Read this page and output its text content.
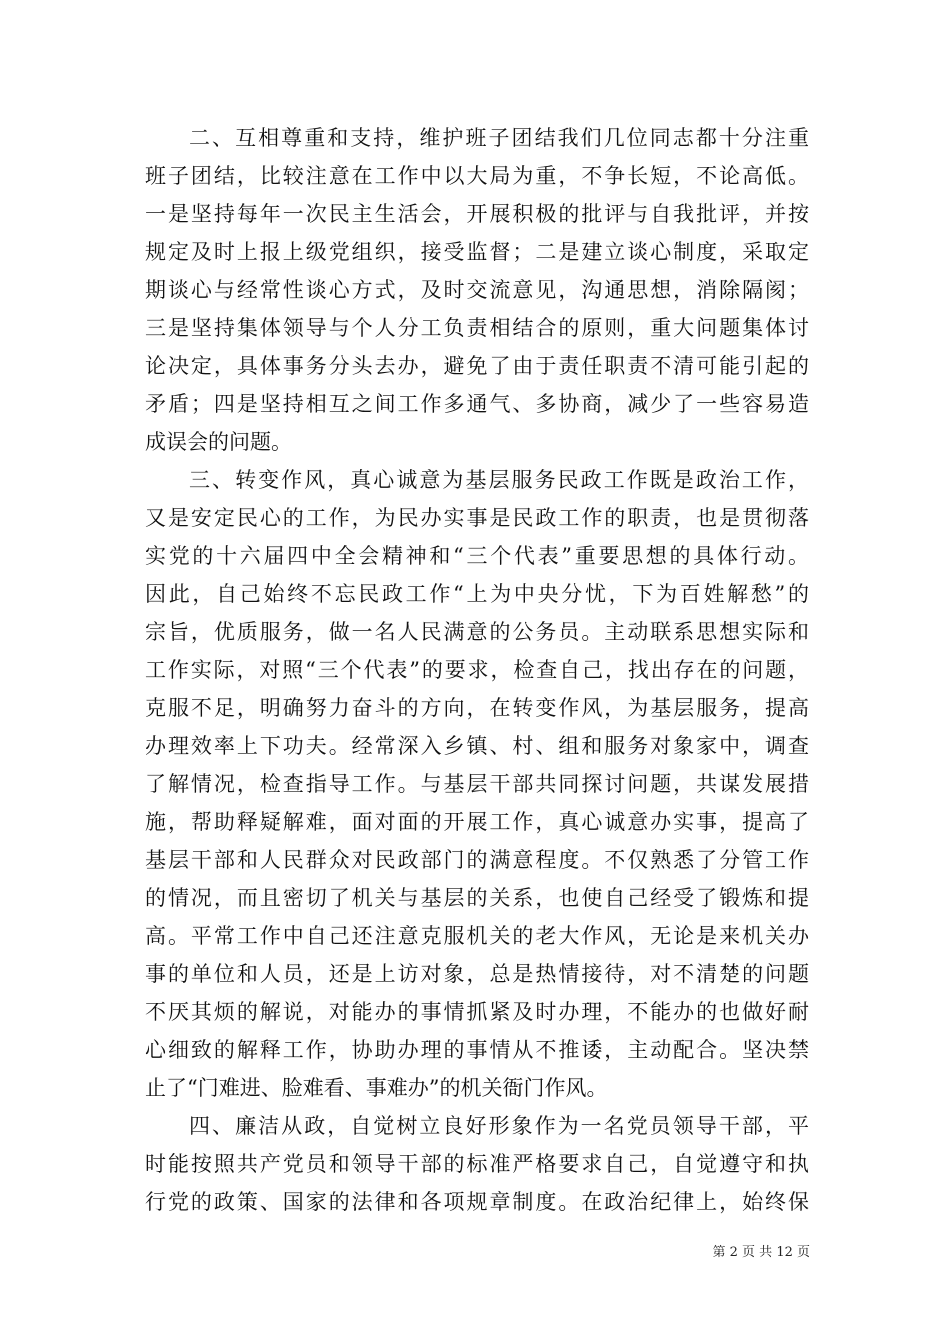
二、互相尊重和支持，维护班子团结我们几位同志都十分注重
班子团结，比较注意在工作中以大局为重，不争长短，不论高低。
一是坚持每年一次民主生活会，开展积极的批评与自我批评，并按
规定及时上报上级党组织，接受监督；二是建立谈心制度，采取定
期谈心与经常性谈心方式，及时交流意见，沟通思想，消除隔阂；
三是坚持集体领导与个人分工负责相结合的原则，重大问题集体讨
论决定，具体事务分头去办，避免了由于责任职责不清可能引起的
矛盾；四是坚持相互之间工作多通气、多协商，减少了一些容易造
成误会的问题。
三、转变作风，真心诚意为基层服务民政工作既是政治工作，
又是安定民心的工作，为民办实事是民政工作的职责，也是贯彻落
实党的十六届四中全会精神和“三个代表”重要思想的具体行动。
因此，自己始终不忘民政工作“上为中央分忧，下为百姓解愁”的
宗旨，优质服务，做一名人民满意的公务员。主动联系思想实际和
工作实际，对照“三个代表”的要求，检查自己，找出存在的问题，
克服不足，明确努力奋斗的方向，在转变作风，为基层服务，提高
办理效率上下功夫。经常深入乡镇、村、组和服务对象家中，调查
了解情况，检查指导工作。与基层干部共同探讨问题，共谋发展措
施，帮助释疑解难，面对面的开展工作，真心诚意办实事，提高了
基层干部和人民群众对民政部门的满意程度。不仅熟悉了分管工作
的情况，而且密切了机关与基层的关系，也使自己经受了锻炼和提
高。平常工作中自己还注意克服机关的老大作风，无论是来机关办
事的单位和人员，还是上访对象，总是热情接待，对不清楚的问题
不厌其烦的解说，对能办的事情抓紧及时办理，不能办的也做好耐
心细致的解释工作，协助办理的事情从不推诿，主动配合。坚决禁
止了“门难进、脸难看、事难办”的机关衙门作风。
四、廉洁从政，自觉树立良好形象作为一名党员领导干部，平
时能按照共产党员和领导干部的标准严格要求自己，自觉遵守和执
行党的政策、国家的法律和各项规章制度。在政治纪律上，始终保
第 2 页 共 12 页
